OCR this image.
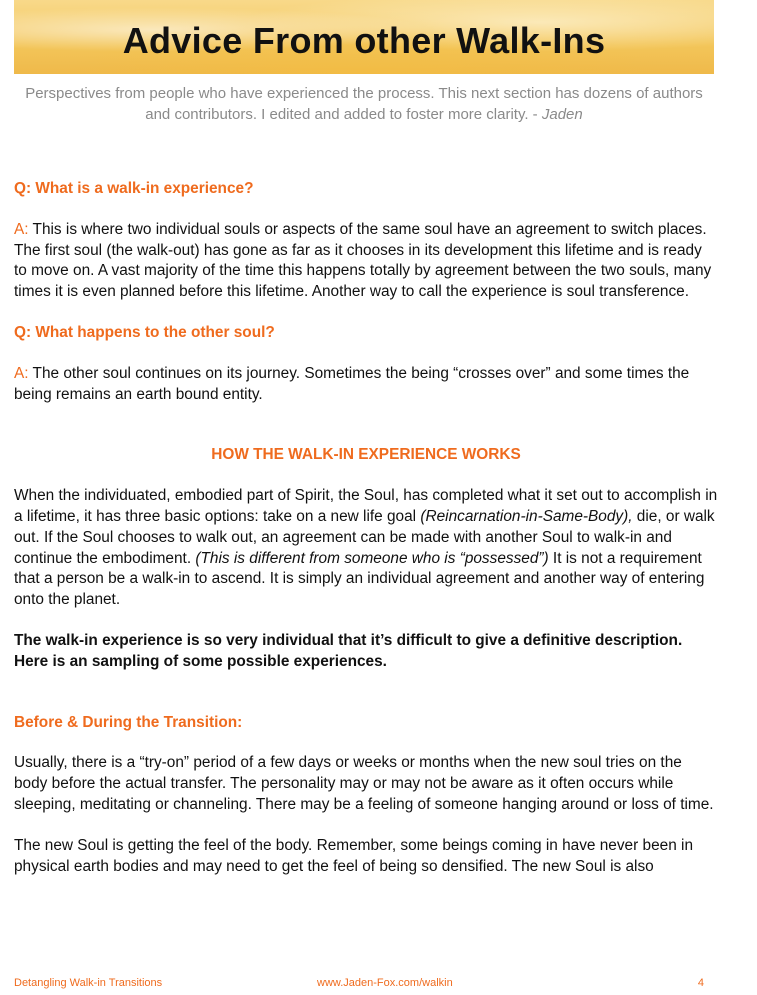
Advice From other Walk-Ins
Perspectives from people who have experienced the process. This next section has dozens of authors and contributors. I edited and added to foster more clarity. - Jaden

Q: What is a walk-in experience?

A: This is where two individual souls or aspects of the same soul have an agreement to switch places. The first soul (the walk-out) has gone as far as it chooses in its development this lifetime and is ready to move on. A vast majority of the time this happens totally by agreement between the two souls, many times it is even planned before this lifetime. Another way to call the experience is soul transference.

Q: What happens to the other soul?

A: The other soul continues on its journey. Sometimes the being “crosses over” and some times the being remains an earth bound entity.

HOW THE WALK-IN EXPERIENCE WORKS

When the individuated, embodied part of Spirit, the Soul, has completed what it set out to accomplish in a lifetime, it has three basic options: take on a new life goal (Reincarnation-in-Same-Body), die, or walk out. If the Soul chooses to walk out, an agreement can be made with another Soul to walk-in and continue the embodiment. (This is different from someone who is “possessed”) It is not a requirement that a person be a walk-in to ascend. It is simply an individual agreement and another way of entering onto the planet.

The walk-in experience is so very individual that it’s difficult to give a definitive description. Here is an sampling of some possible experiences.

Before & During the Transition:

Usually, there is a “try-on” period of a few days or weeks or months when the new soul tries on the body before the actual transfer. The personality may or may not be aware as it often occurs while sleeping, meditating or channeling. There may be a feeling of someone hanging around or loss of time.

The new Soul is getting the feel of the body. Remember, some beings coming in have never been in physical earth bodies and may need to get the feel of being so densified. The new Soul is also

Detangling Walk-in Transitions	www.Jaden-Fox.com/walkin	4
